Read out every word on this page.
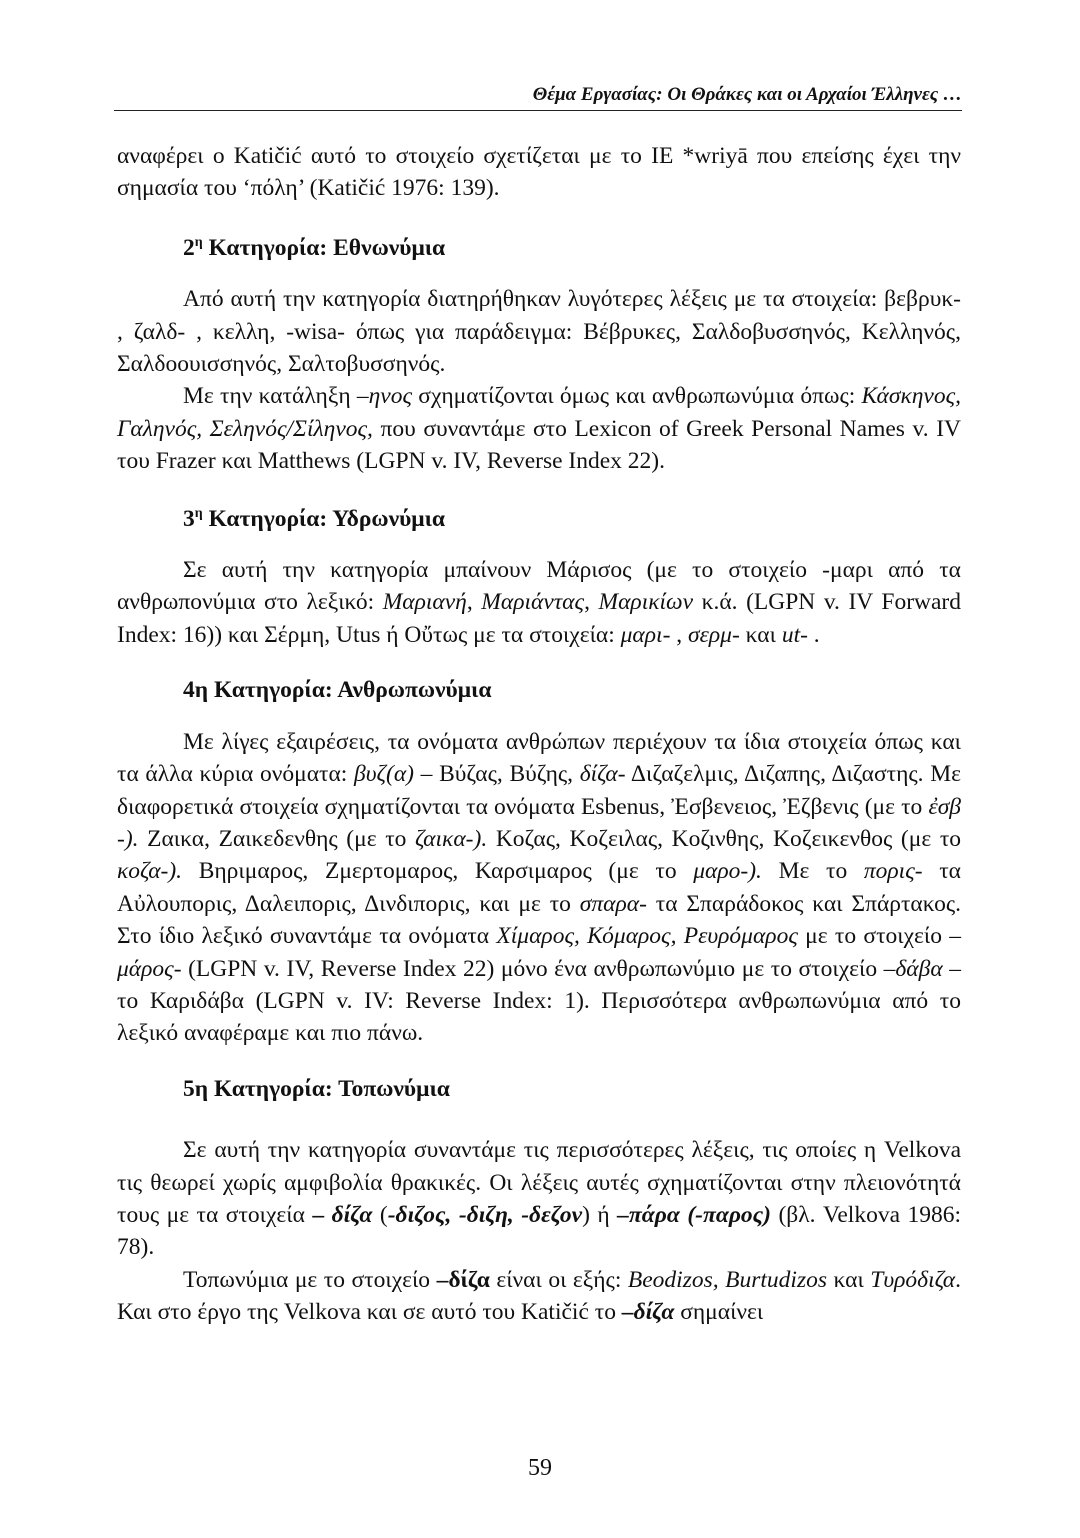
Θέμα Εργασίας: Οι Θράκες και οι Αρχαίοι Έλληνες …

αναφέρει ο Katičić αυτό το στοιχείο σχετίζεται με το IE *wriyā που επείσης έχει την σημασία του ‘πόλη’ (Katičić 1976: 139).

$2^\eta$ Κατηγορία: Εθνωνύμια

Από αυτή την κατηγορία διατηρήθηκαν λυγότερες λέξεις με τα στοιχεία: βεβρυκ- , ζαλδ- , κελλη, -wisa- όπως για παράδειγμα: Βέβρυκες, Σαλδοβυσσηνός, Κελληνός, Σαλδοουισσηνός, Σαλτοβυσσηνός.

Με την κατάληξη –ηνος σχηματίζονται όμως και ανθρωπωνύμια όπως: Κάσκηνος, Γαληνός, Σεληνός/Σίληνος, που συναντάμε στο Lexicon of Greek Personal Names v. IV του Frazer και Matthews (LGPN v. IV, Reverse Index 22).

$3^\eta$ Κατηγορία: Υδρωνύμια

Σε αυτή την κατηγορία μπαίνουν Μάρισος (με το στοιχείο -μαρι από τα ανθρωπονύμια στο λεξικό: Μαριανή, Μαριάντας, Μαρικίων κ.ά. (LGPN v. IV Forward Index: 16)) και Σέρμη, Utus ή Οὔτως με τα στοιχεία: μαρι- , σερμ- και ut- .

4η Κατηγορία: Ανθρωπωνύμια

Με λίγες εξαιρέσεις, τα ονόματα ανθρώπων περιέχουν τα ίδια στοιχεία όπως και τα άλλα κύρια ονόματα: βυζ(α) – Βύζας, Βύζης, δίζα- Διζαζελμις, Διζαπης, Διζαστης. Με διαφορετικά στοιχεία σχηματίζονται τα ονόματα Esbenus, Ἐσβενειος, Ἐζβενις (με το ἐσβ -). Ζαικα, Ζαικεδενθης (με το ζαικα-). Κοζας, Κοζειλας, Κοζινθης, Κοζεικενθος (με το κοζα-). Βηριμαρος, Ζμερτομαρος, Καρσιμαρος (με το μαρο-). Με το πορις- τα Αὐλουπορις, Δαλειπορις, Δινδιπορις, και με το σπαρα- τα Σπαράδοκος και Σπάρτακος. Στο ίδιο λεξικό συναντάμε τα ονόματα Χίμαρος, Κόμαρος, Ρευρόμαρος με το στοιχείο –μάρος- (LGPN v. IV, Reverse Index 22) μόνο ένα ανθρωπωνύμιο με το στοιχείο –δάβα – το Καριδάβα (LGPN v. IV: Reverse Index: 1). Περισσότερα ανθρωπωνύμια από το λεξικό αναφέραμε και πιο πάνω.

5η Κατηγορία: Τοπωνύμια

Σε αυτή την κατηγορία συναντάμε τις περισσότερες λέξεις, τις οποίες η Velkova τις θεωρεί χωρίς αμφιβολία θρακικές. Οι λέξεις αυτές σχηματίζονται στην πλειονότητά τους με τα στοιχεία – δίζα (-διζος, -διζη, -δεζον) ή –πάρα (-παρος) (βλ. Velkova 1986: 78).

Τοπωνύμια με το στοιχείο –δίζα είναι οι εξής: Beodizos, Burtudizos και Τυρόδιζα. Και στο έργο της Velkova και σε αυτό του Katičić το –δίζα σημαίνει

59
